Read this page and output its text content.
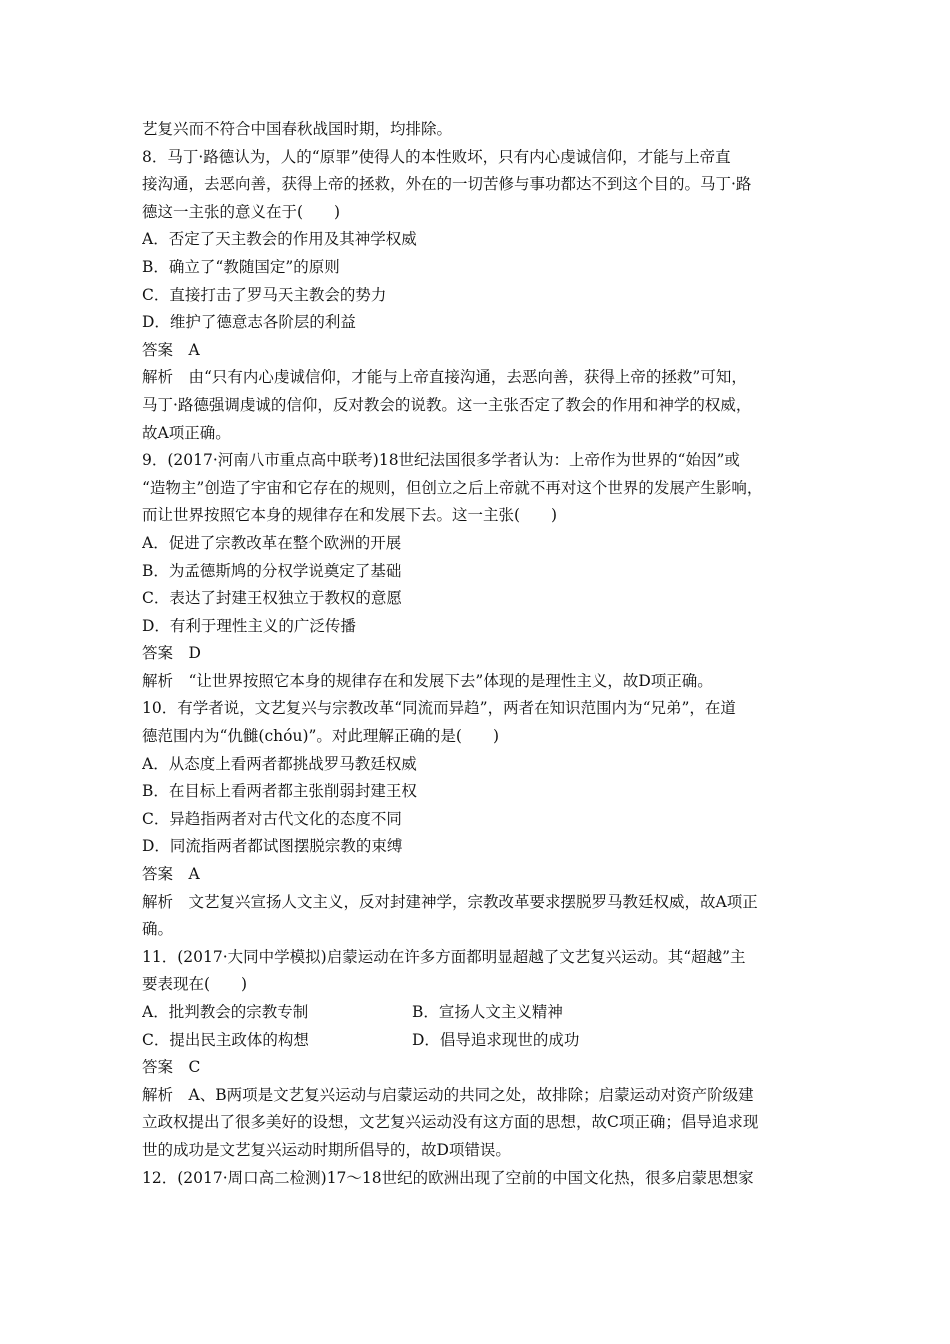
艺复兴而不符合中国春秋战国时期，均排除。
8．马丁·路德认为，人的“原罪”使得人的本性败坏，只有内心虔诚信仰，才能与上帝直
接沟通，去恶向善，获得上帝的拯救，外在的一切苦修与事功都达不到这个目的。马丁·路
德这一主张的意义在于(　　)
A．否定了天主教会的作用及其神学权威
B．确立了“教随国定”的原则
C．直接打击了罗马天主教会的势力
D．维护了德意志各阶层的利益
答案　A
解析　由“只有内心虔诚信仰，才能与上帝直接沟通，去恶向善，获得上帝的拯救”可知，
马丁·路德强调虔诚的信仰，反对教会的说教。这一主张否定了教会的作用和神学的权威，
故A项正确。
9．(2017·河南八市重点高中联考)18世纪法国很多学者认为：上帝作为世界的“始因”或
“造物主”创造了宇宙和它存在的规则，但创立之后上帝就不再对这个世界的发展产生影响，
而让世界按照它本身的规律存在和发展下去。这一主张(　　)
A．促进了宗教改革在整个欧洲的开展
B．为孟德斯鸠的分权学说奠定了基础
C．表达了封建王权独立于教权的意愿
D．有利于理性主义的广泛传播
答案　D
解析　“让世界按照它本身的规律存在和发展下去”体现的是理性主义，故D项正确。
10．有学者说，文艺复兴与宗教改革“同流而异趋”，两者在知识范围内为“兄弟”，在道
德范围内为“仇雠(chóu)”。对此理解正确的是(　　)
A．从态度上看两者都挑战罗马教廷权威
B．在目标上看两者都主张削弱封建王权
C．异趋指两者对古代文化的态度不同
D．同流指两者都试图摆脱宗教的束缚
答案　A
解析　文艺复兴宣扬人文主义，反对封建神学，宗教改革要求摆脱罗马教廷权威，故A项正
确。
11．(2017·大同中学模拟)启蒙运动在许多方面都明显超越了文艺复兴运动。其“超越”主
要表现在(　　)
A．批判教会的宗教专制	B．宣扬人文主义精神
C．提出民主政体的构想	D．倡导追求现世的成功
答案　C
解析　A、B两项是文艺复兴运动与启蒙运动的共同之处，故排除；启蒙运动对资产阶级建
立政权提出了很多美好的设想，文艺复兴运动没有这方面的思想，故C项正确；倡导追求现
世的成功是文艺复兴运动时期所倡导的，故D项错误。
12．(2017·周口高二检测)17～18世纪的欧洲出现了空前的中国文化热，很多启蒙思想家
